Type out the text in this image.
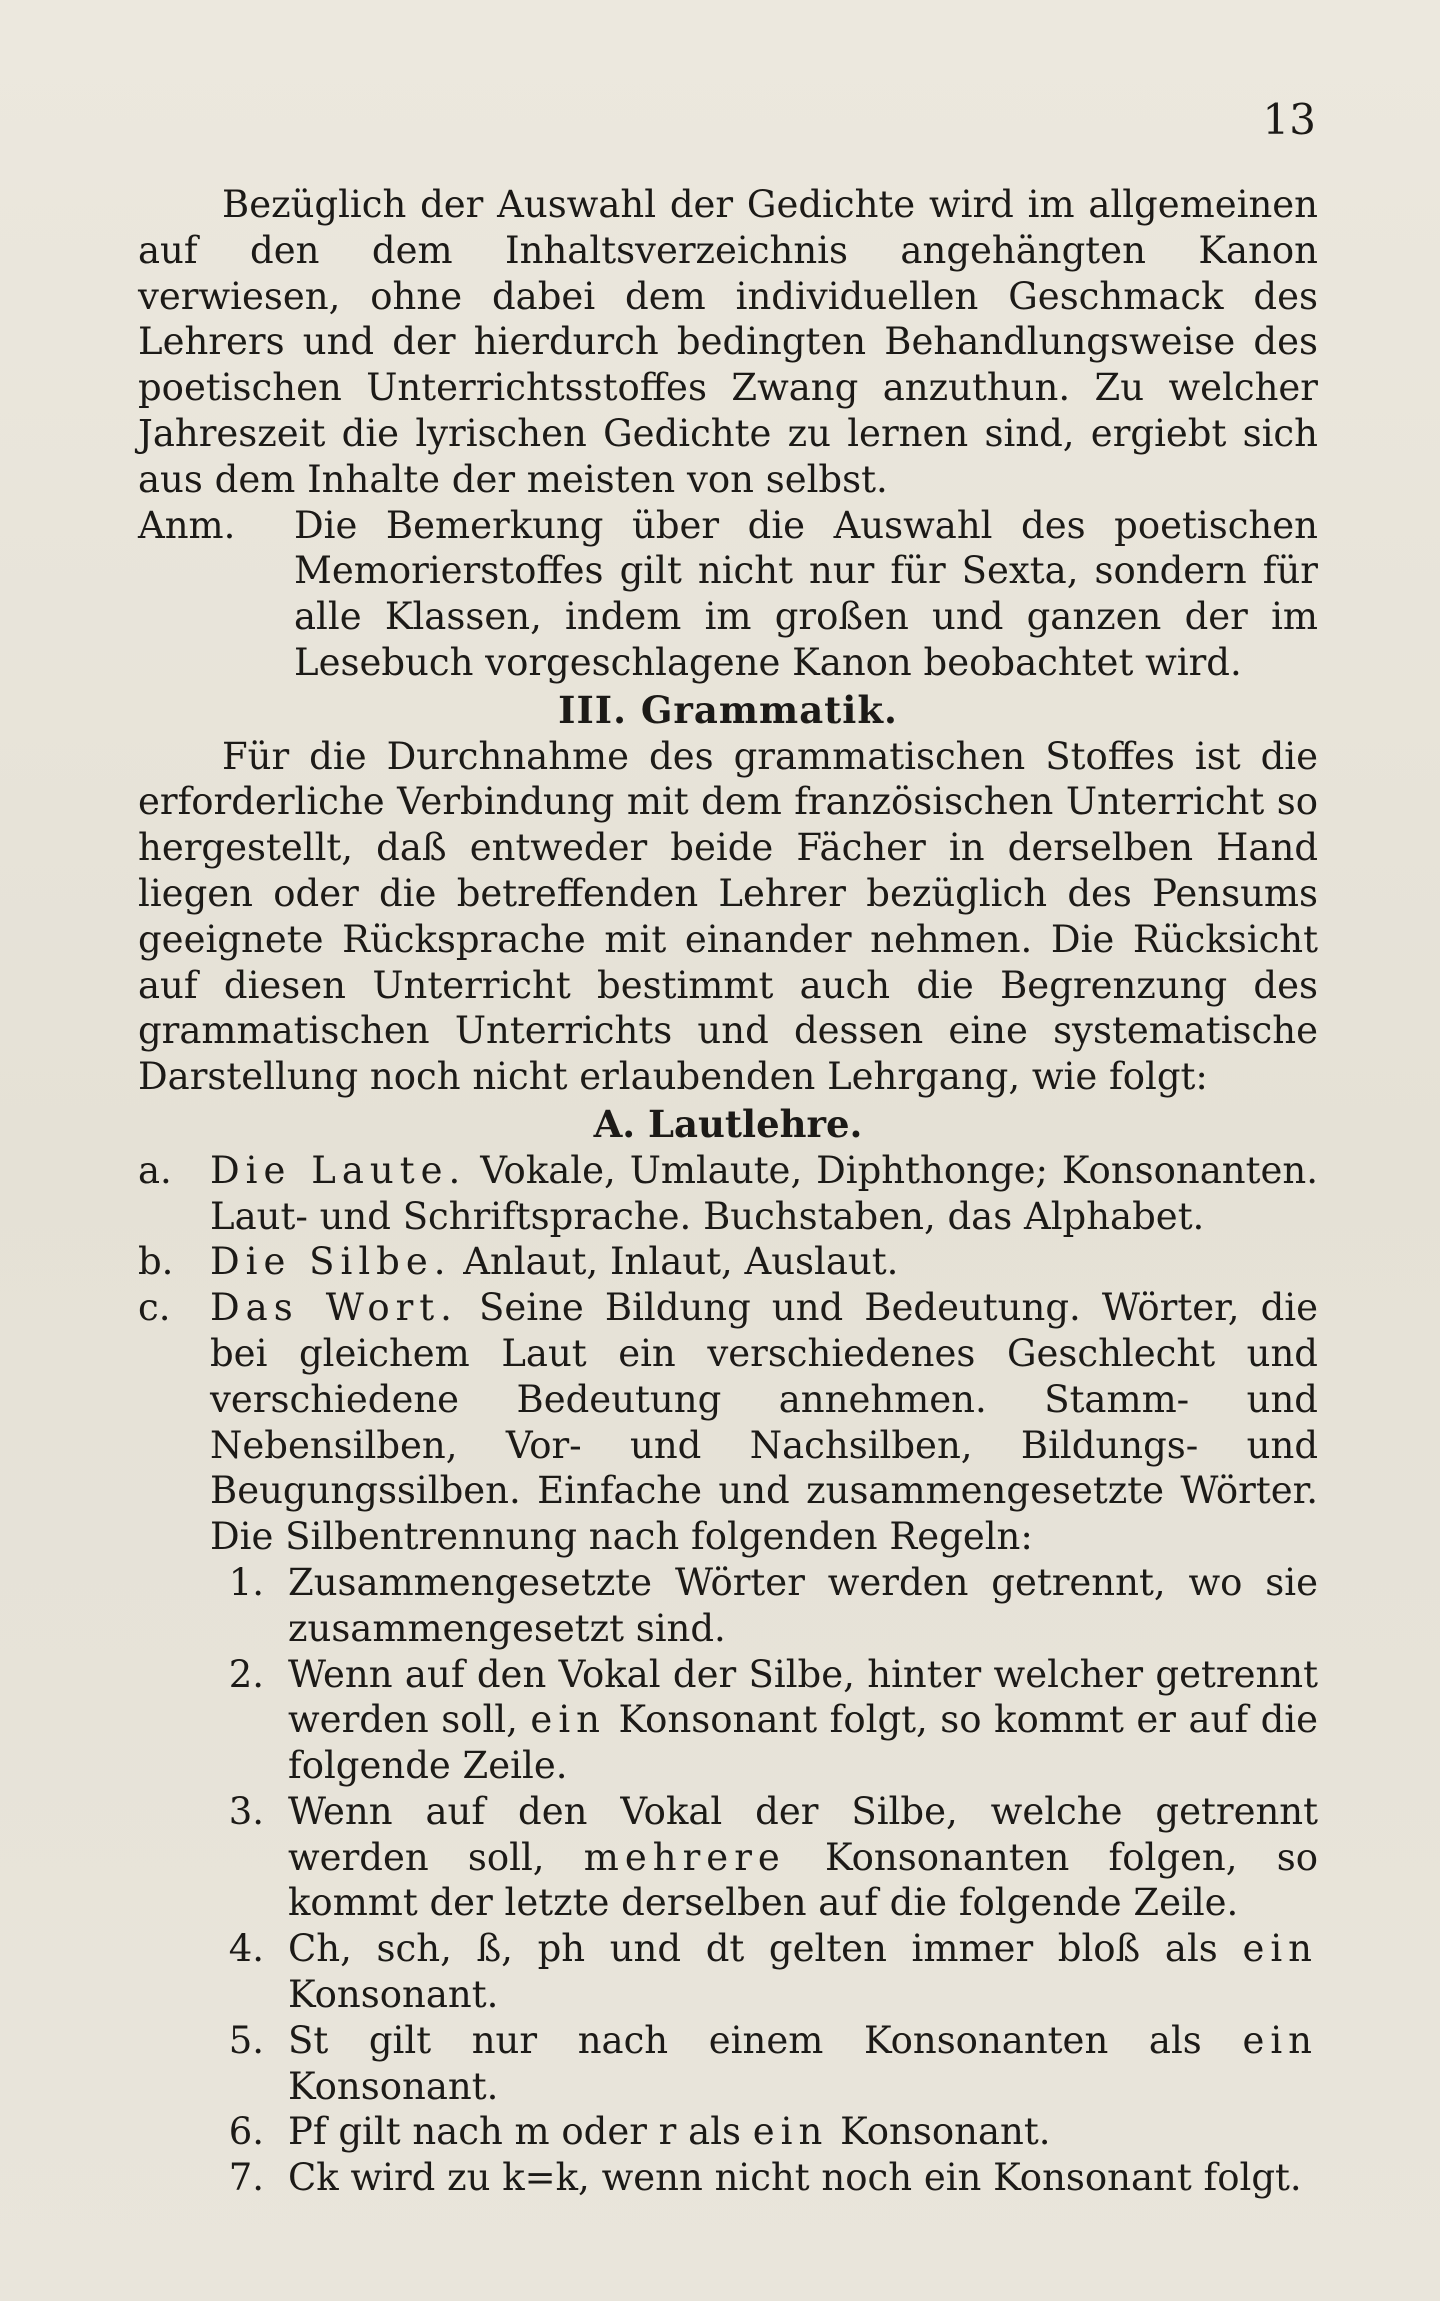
13

Bezüglich der Auswahl der Gedichte wird im allgemeinen auf den dem Inhaltsverzeichnis angehängten Kanon verwiesen, ohne dabei dem individuellen Geschmack des Lehrers und der hierdurch bedingten Behandlungsweise des poetischen Unterrichtsstoffes Zwang anzuthun. Zu welcher Jahreszeit die lyrischen Gedichte zu lernen sind, ergiebt sich aus dem Inhalte der meisten von selbst.

Anm. Die Bemerkung über die Auswahl des poetischen Memorierstoffes gilt nicht nur für Sexta, sondern für alle Klassen, indem im großen und ganzen der im Lesebuch vorgeschlagene Kanon beobachtet wird.

III. Grammatik.

Für die Durchnahme des grammatischen Stoffes ist die erforderliche Verbindung mit dem französischen Unterricht so hergestellt, daß entweder beide Fächer in derselben Hand liegen oder die betreffenden Lehrer bezüglich des Pensums geeignete Rücksprache mit einander nehmen. Die Rücksicht auf diesen Unterricht bestimmt auch die Begrenzung des grammatischen Unterrichts und dessen eine systematische Darstellung noch nicht erlaubenden Lehrgang, wie folgt:

A. Lautlehre.

a.	Die Laute. Vokale, Umlaute, Diphthonge; Konsonanten. Laut- und Schriftsprache. Buchstaben, das Alphabet.
b. Die Silbe. Anlaut, Inlaut, Auslaut.
c.	Das Wort. Seine Bildung und Bedeutung. Wörter, die bei gleichem Laut ein verschiedenes Geschlecht und verschiedene Bedeutung annehmen. Stamm- und Nebensilben, Vor- und Nachsilben, Bildungs- und Beugungssilben. Einfache und zusammengesetzte Wörter. Die Silbentrennung nach folgenden Regeln:
1. Zusammengesetzte Wörter werden getrennt, wo sie zusammengesetzt sind.
2. Wenn auf den Vokal der Silbe, hinter welcher getrennt werden soll, ein Konsonant folgt, so kommt er auf die folgende Zeile.
3. Wenn auf den Vokal der Silbe, welche getrennt werden soll, mehrere Konsonanten folgen, so kommt der letzte derselben auf die folgende Zeile.
4. Ch, sch, ß, ph und dt gelten immer bloß als ein Konsonant.
5. St gilt nur nach einem Konsonanten als ein Konsonant.
6. Pf gilt nach m oder r als ein Konsonant.
7. Ck wird zu k=k, wenn nicht noch ein Konsonant folgt.
